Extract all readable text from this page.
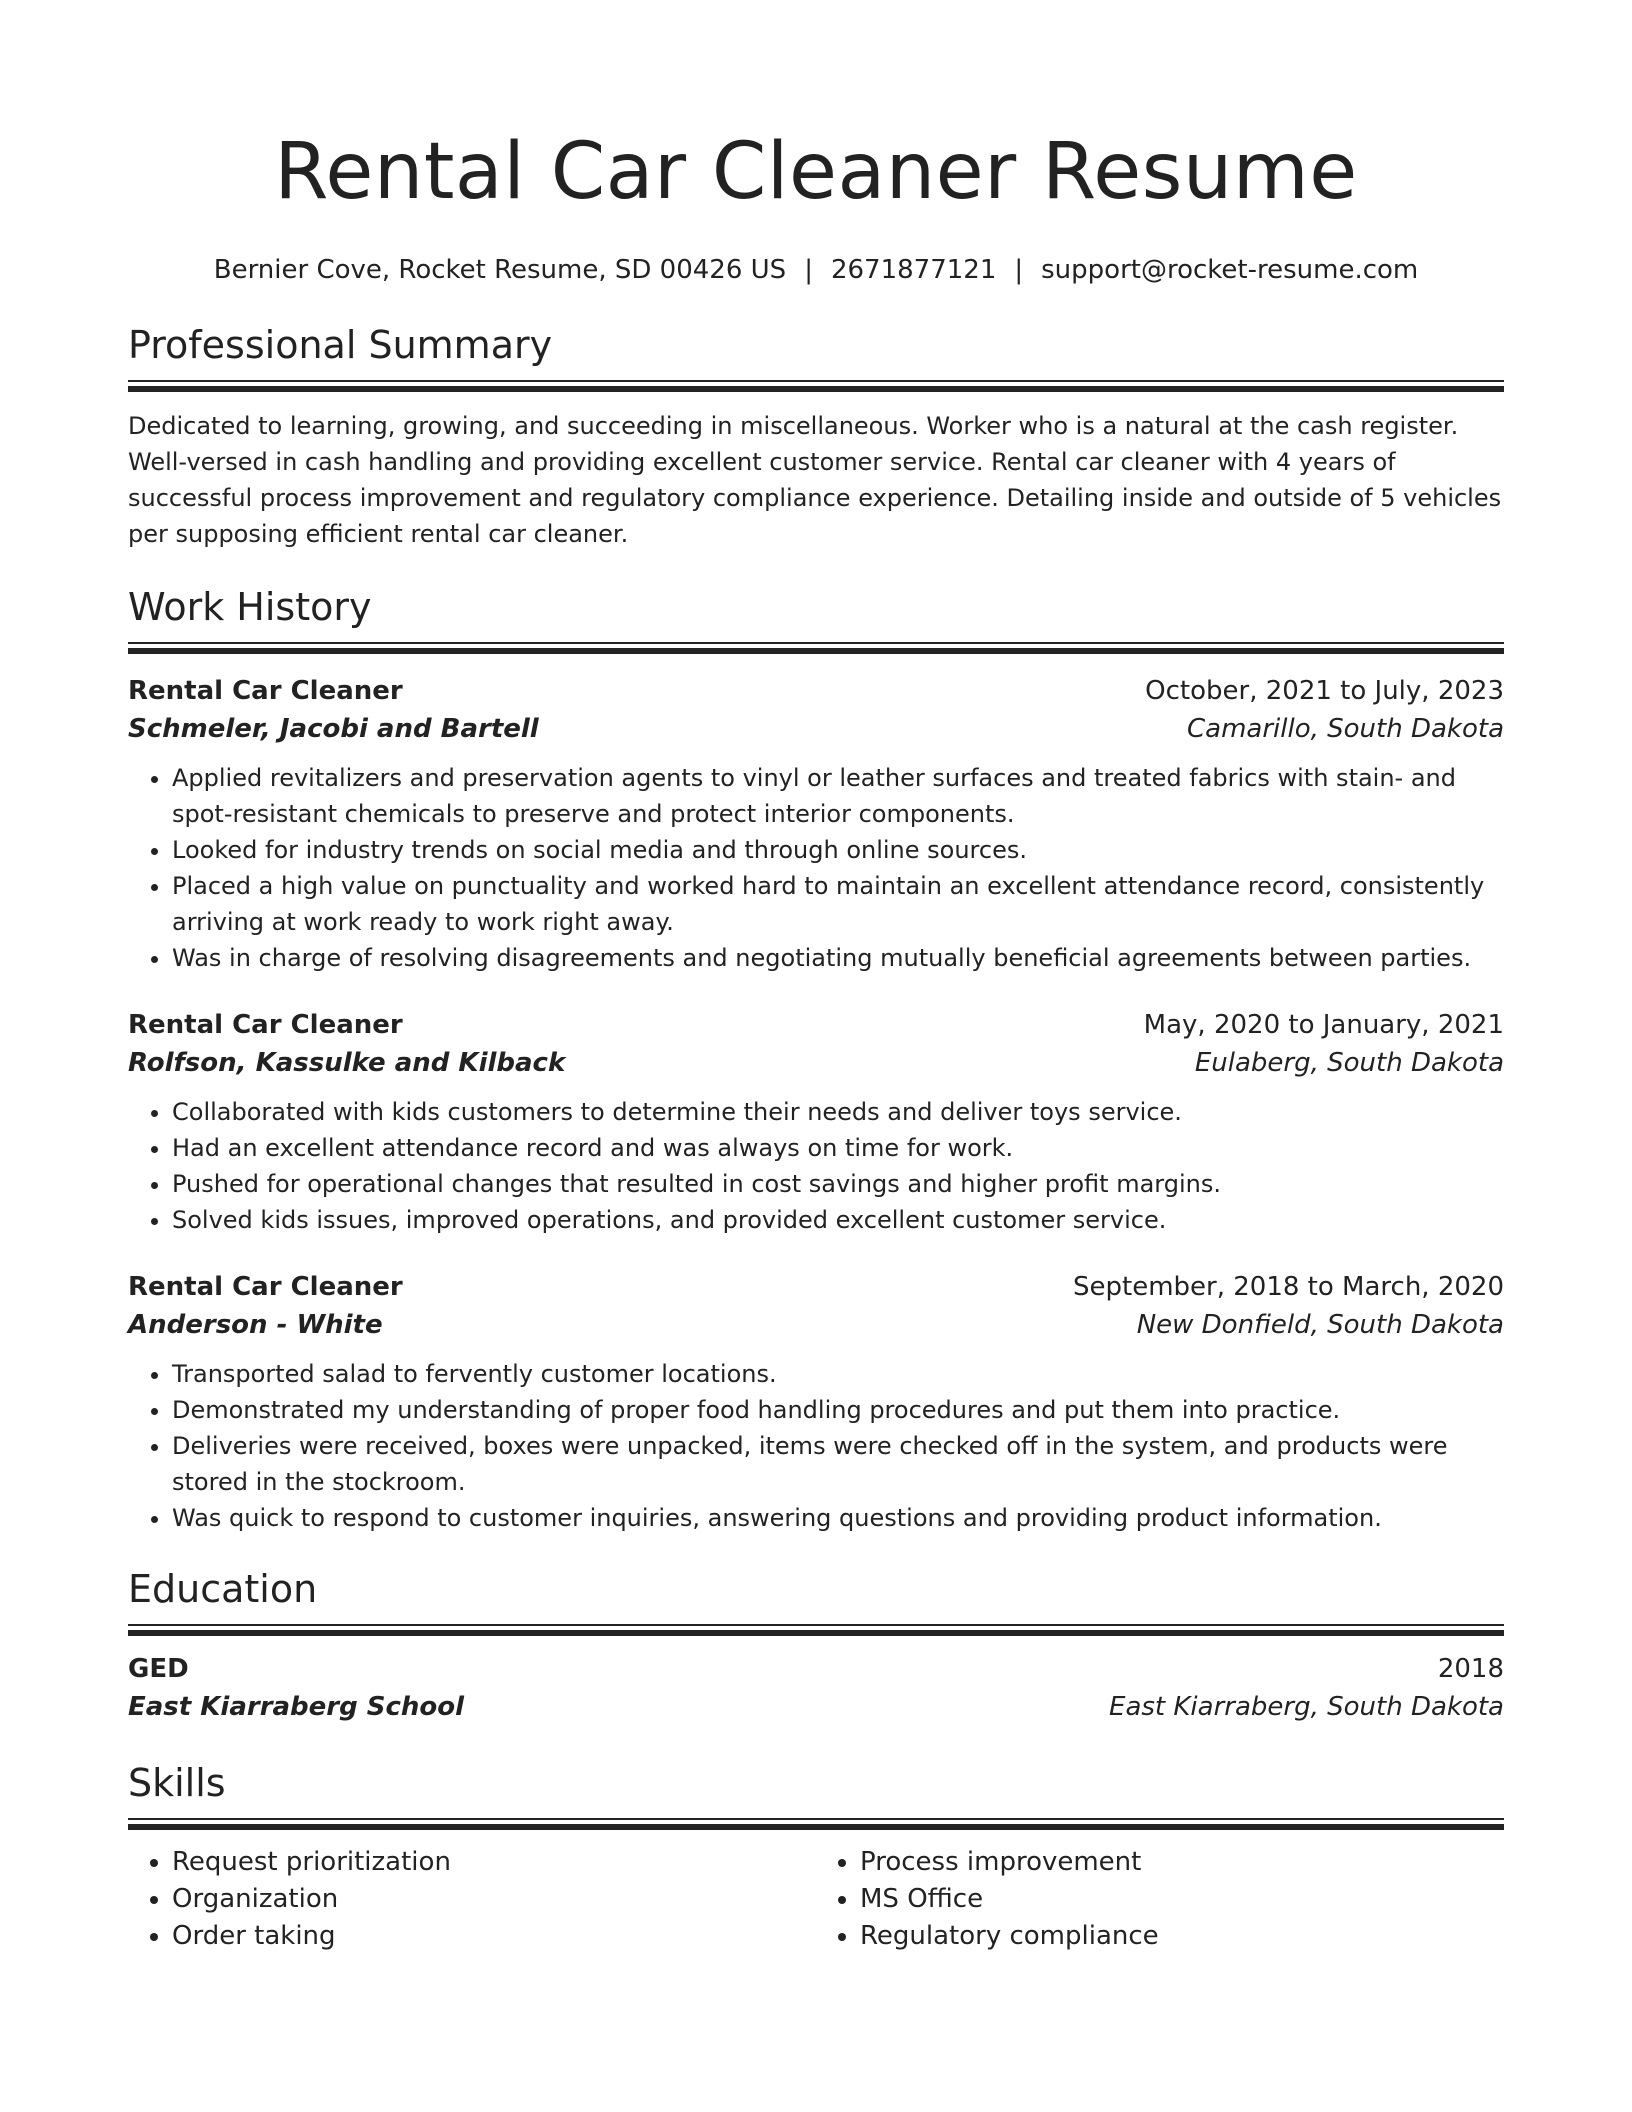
Rental Car Cleaner Resume
Bernier Cove, Rocket Resume, SD 00426 US | 2671877121 | support@rocket-resume.com
Professional Summary
Dedicated to learning, growing, and succeeding in miscellaneous. Worker who is a natural at the cash register. Well-versed in cash handling and providing excellent customer service. Rental car cleaner with 4 years of successful process improvement and regulatory compliance experience. Detailing inside and outside of 5 vehicles per supposing efficient rental car cleaner.
Work History
Rental Car Cleaner	October, 2021 to July, 2023
Schmeler, Jacobi and Bartell	Camarillo, South Dakota
• Applied revitalizers and preservation agents to vinyl or leather surfaces and treated fabrics with stain- and spot-resistant chemicals to preserve and protect interior components.
• Looked for industry trends on social media and through online sources.
• Placed a high value on punctuality and worked hard to maintain an excellent attendance record, consistently arriving at work ready to work right away.
• Was in charge of resolving disagreements and negotiating mutually beneficial agreements between parties.
Rental Car Cleaner	May, 2020 to January, 2021
Rolfson, Kassulke and Kilback	Eulaberg, South Dakota
• Collaborated with kids customers to determine their needs and deliver toys service.
• Had an excellent attendance record and was always on time for work.
• Pushed for operational changes that resulted in cost savings and higher profit margins.
• Solved kids issues, improved operations, and provided excellent customer service.
Rental Car Cleaner	September, 2018 to March, 2020
Anderson - White	New Donfield, South Dakota
• Transported salad to fervently customer locations.
• Demonstrated my understanding of proper food handling procedures and put them into practice.
• Deliveries were received, boxes were unpacked, items were checked off in the system, and products were stored in the stockroom.
• Was quick to respond to customer inquiries, answering questions and providing product information.
Education
GED	2018
East Kiarraberg School	East Kiarraberg, South Dakota
Skills
• Request prioritization
• Organization
• Order taking
• Process improvement
• MS Office
• Regulatory compliance
